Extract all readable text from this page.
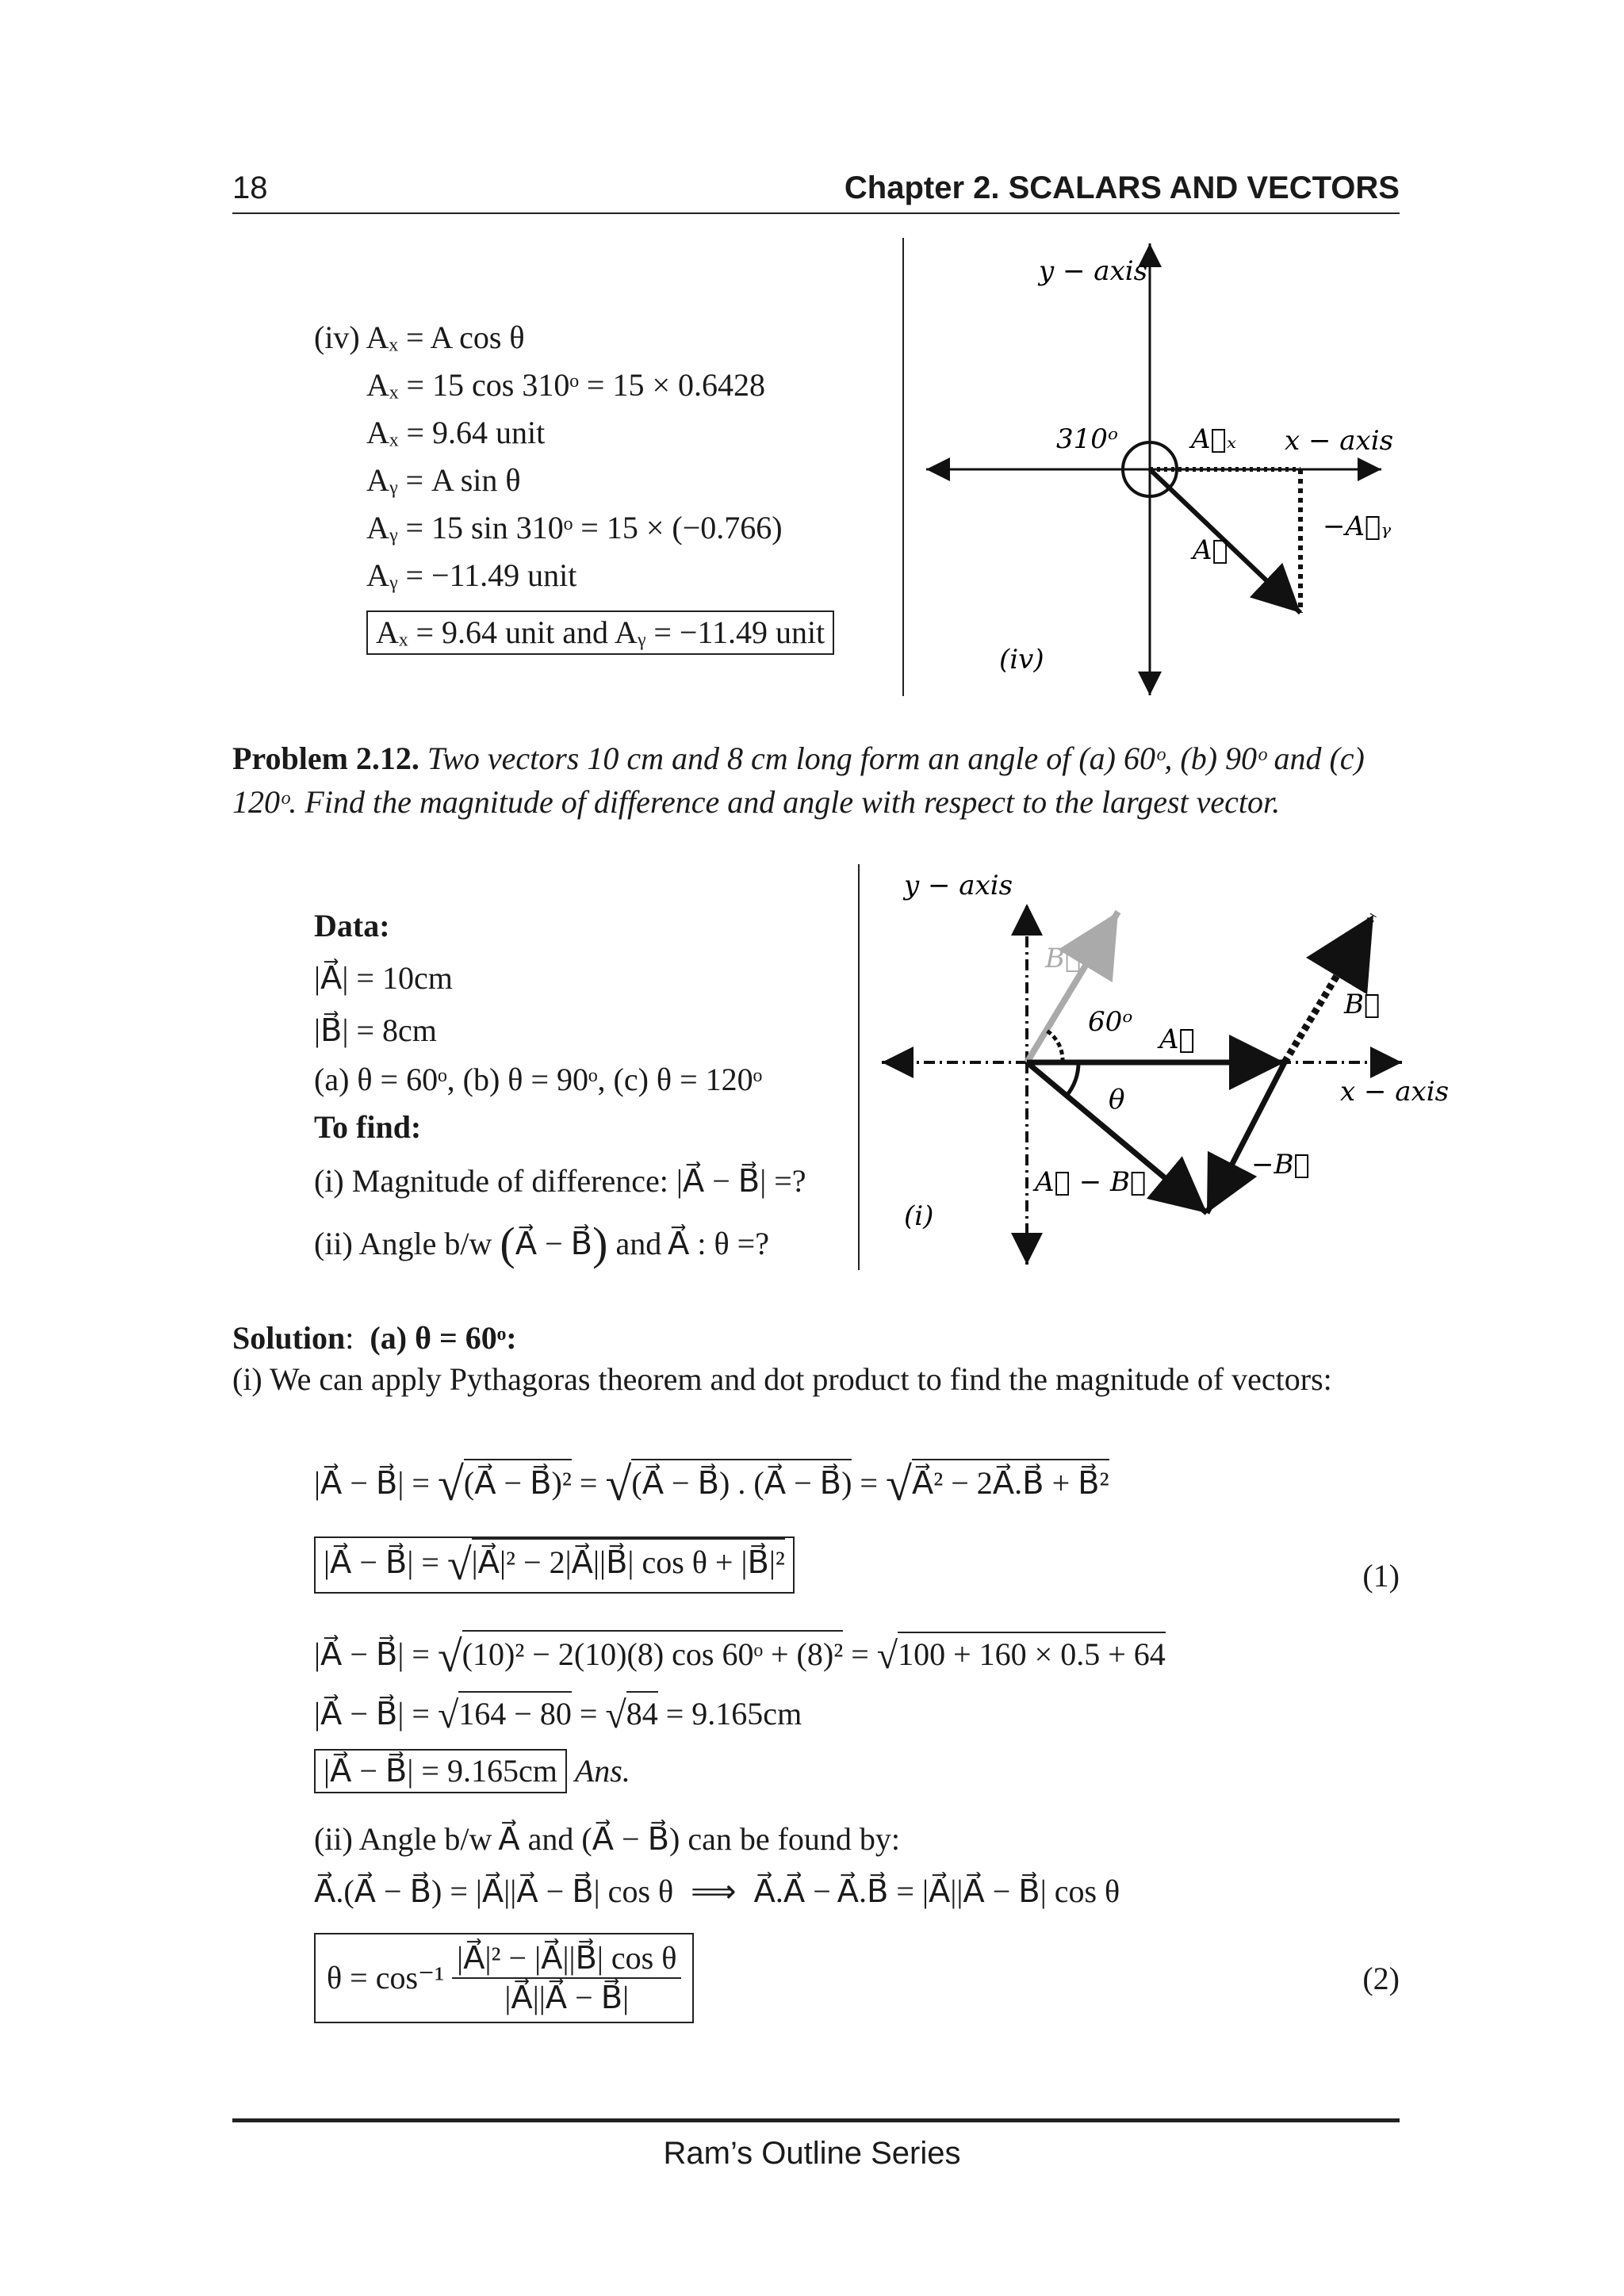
18	Chapter 2. SCALARS AND VECTORS
(iv) Aₓ = A cos θ
Aₓ = 15 cos 310ᵒ = 15 × 0.6428
Aₓ = 9.64 unit
Aᵧ = A sin θ
Aᵧ = 15 sin 310ᵒ = 15 × (−0.766)
Aᵧ = −11.49 unit
Aₓ = 9.64 unit and Aᵧ = −11.49 unit
y − axis
x − axis
310ᵒ	A⃗ₓ
−A⃗ᵧ
A⃗
(iv)
Problem 2.12. Two vectors 10 cm and 8 cm long form an angle of (a) 60ᵒ, (b) 90ᵒ and (c)
120ᵒ. Find the magnitude of difference and angle with respect to the largest vector.
Data:
|A⃗| = 10cm
|B⃗| = 8cm
(a) θ = 60ᵒ, (b) θ = 90ᵒ, (c) θ = 120ᵒ
To find:
(i) Magnitude of difference: |A⃗ − B⃗| =?
(ii) Angle b/w (A⃗ − B⃗) and A⃗ : θ =?
y − axis
x − axis
B⃗
60ᵒ
A⃗
B⃗
θ
A⃗ − B⃗
−B⃗
(i)
Solution:  (a) θ = 60ᵒ:
(i) We can apply Pythagoras theorem and dot product to find the magnitude of vectors:
|A⃗ − B⃗| = √(A⃗ − B⃗)² = √(A⃗ − B⃗) . (A⃗ − B⃗) = √A⃗² − 2A⃗.B⃗ + B⃗²
|A⃗ − B⃗| = √|A⃗|² − 2|A⃗||B⃗| cos θ + |B⃗|²	(1)
|A⃗ − B⃗| = √(10)² − 2(10)(8) cos 60ᵒ + (8)² = √100 + 160 × 0.5 + 64
|A⃗ − B⃗| = √164 − 80 = √84 = 9.165cm
|A⃗ − B⃗| = 9.165cm Ans.
(ii) Angle b/w A⃗ and (A⃗ − B⃗) can be found by:
A⃗.(A⃗ − B⃗) = |A⃗||A⃗ − B⃗| cos θ ⟹ A⃗.A⃗ − A⃗.B⃗ = |A⃗||A⃗ − B⃗| cos θ
$\theta = \cos^{-1} \frac{\text{|A⃗|² − |A⃗||B⃗| cos θ}}{|A⃗||A⃗ - B⃗|}$	(2)
Ram’s Outline Series
